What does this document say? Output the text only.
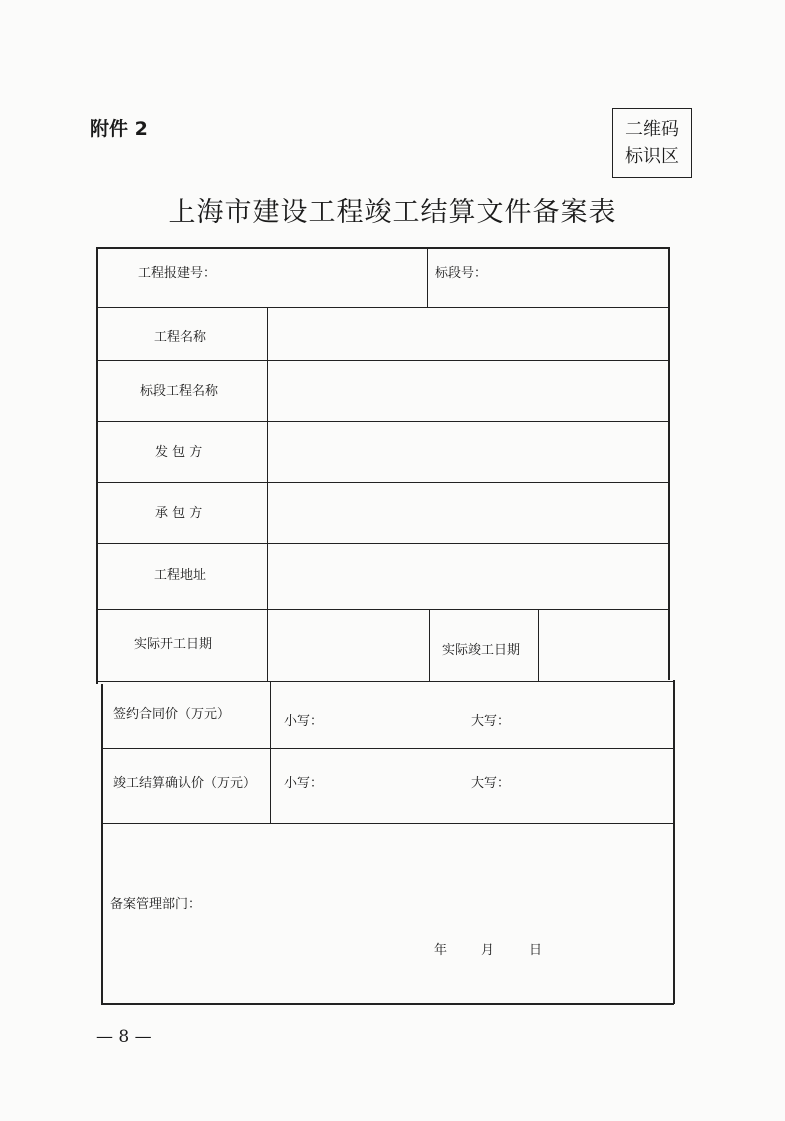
附件 2	二维码
标识区
上海市建设工程竣工结算文件备案表
工程报建号：	标段号：
工程名称
标段工程名称
发 包 方
承 包 方
工程地址
实际开工日期	实际竣工日期
签约合同价（万元）	小写：	大写：
竣工结算确认价（万元） 小写：	大写：
备案管理部门：
年	月	日
— 8 —
